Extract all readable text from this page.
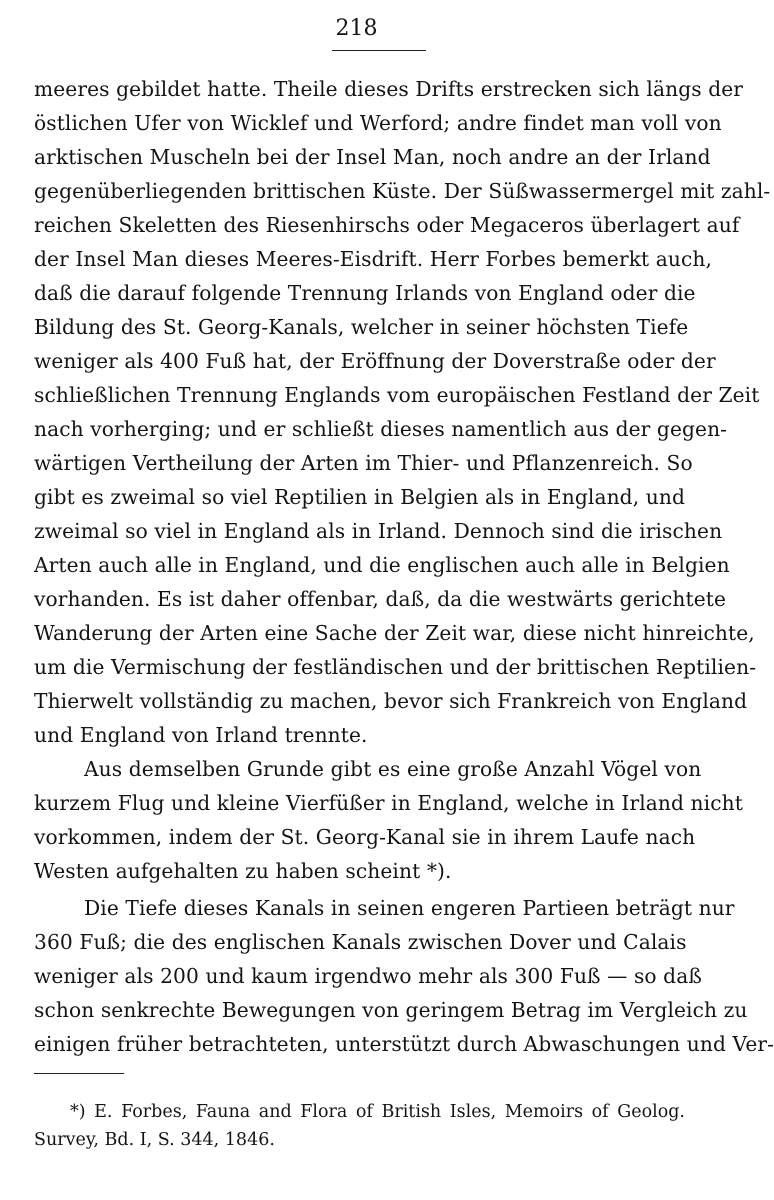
218
meeres gebildet hatte. Theile dieses Drifts erstrecken sich längs der
östlichen Ufer von Wicklef und Werford; andre findet man voll von
arktischen Muscheln bei der Insel Man, noch andre an der Irland
gegenüberliegenden brittischen Küste. Der Süßwassermergel mit zahl-
reichen Skeletten des Riesenhirschs oder Megaceros überlagert auf
der Insel Man dieses Meeres-Eisdrift. Herr Forbes bemerkt auch,
daß die darauf folgende Trennung Irlands von England oder die
Bildung des St. Georg-Kanals, welcher in seiner höchsten Tiefe
weniger als 400 Fuß hat, der Eröffnung der Doverstraße oder der
schließlichen Trennung Englands vom europäischen Festland der Zeit
nach vorherging; und er schließt dieses namentlich aus der gegen-
wärtigen Vertheilung der Arten im Thier- und Pflanzenreich. So
gibt es zweimal so viel Reptilien in Belgien als in England, und
zweimal so viel in England als in Irland. Dennoch sind die irischen
Arten auch alle in England, und die englischen auch alle in Belgien
vorhanden. Es ist daher offenbar, daß, da die westwärts gerichtete
Wanderung der Arten eine Sache der Zeit war, diese nicht hinreichte,
um die Vermischung der festländischen und der brittischen Reptilien-
Thierwelt vollständig zu machen, bevor sich Frankreich von England
und England von Irland trennte.
Aus demselben Grunde gibt es eine große Anzahl Vögel von
kurzem Flug und kleine Vierfüßer in England, welche in Irland nicht
vorkommen, indem der St. Georg-Kanal sie in ihrem Laufe nach
Westen aufgehalten zu haben scheint *).
Die Tiefe dieses Kanals in seinen engeren Partieen beträgt nur
360 Fuß; die des englischen Kanals zwischen Dover und Calais
weniger als 200 und kaum irgendwo mehr als 300 Fuß — so daß
schon senkrechte Bewegungen von geringem Betrag im Vergleich zu
einigen früher betrachteten, unterstützt durch Abwaschungen und Ver-
*) E. Forbes, Fauna and Flora of British Isles, Memoirs of Geolog.
Survey, Bd. I, S. 344, 1846.
